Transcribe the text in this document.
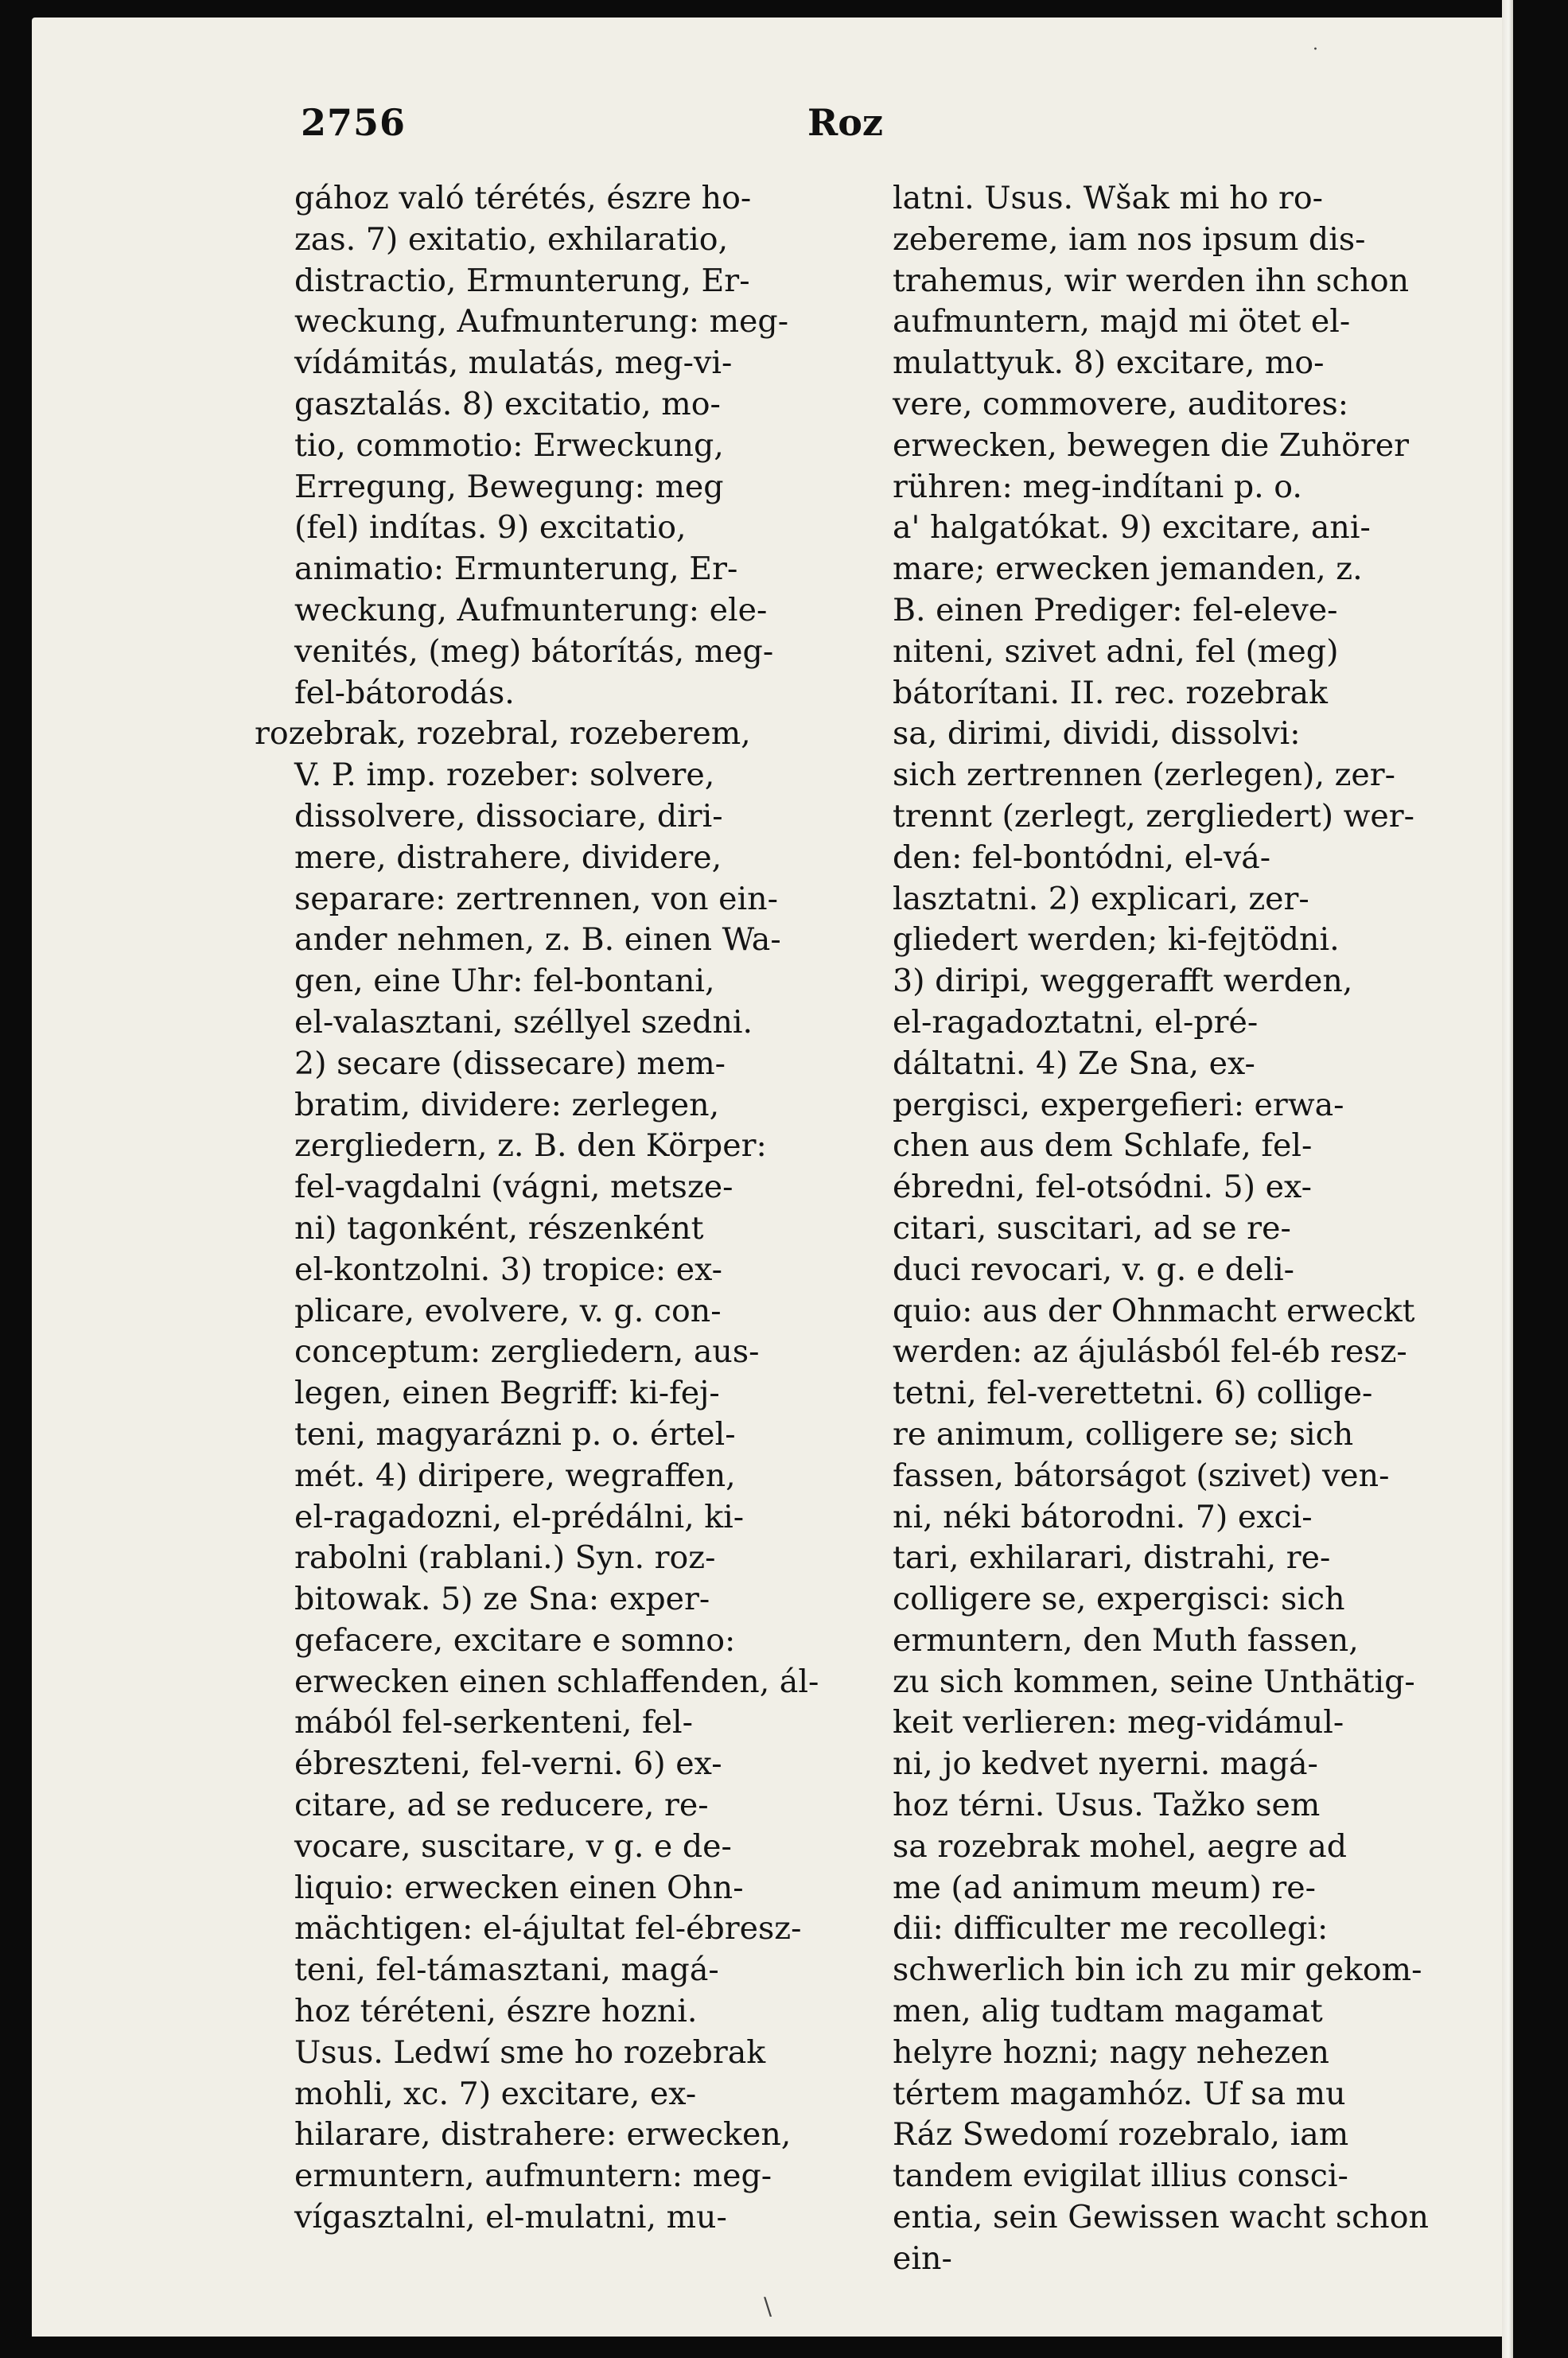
2756	Roz
gához való térétés, észre ho-
zas. 7) exitatio, exhilaratio,
distractio, Ermunterung, Er-
weckung, Aufmunterung: meg-
vídámitás, mulatás, meg-vi-
gasztalás. 8) excitatio, mo-
tio, commotio: Erweckung,
Erregung, Bewegung: meg
(fel) indítas. 9) excitatio,
animatio: Ermunterung, Er-
weckung, Aufmunterung: ele-
venités, (meg) bátorítás, meg-
fel-bátorodás.
rozebrak, rozebral, rozeberem,
V. P. imp. rozeber: solvere,
dissolvere, dissociare, diri-
mere, distrahere, dividere,
separare: zertrennen, von ein-
ander nehmen, z. B. einen Wa-
gen, eine Uhr: fel-bontani,
el-valasztani, széllyel szedni.
2) secare (dissecare) mem-
bratim, dividere: zerlegen,
zergliedern, z. B. den Körper:
fel-vagdalni (vágni, metsze-
ni) tagonként, részenként
el-kontzolni. 3) tropice: ex-
plicare, evolvere, v. g. con-
conceptum: zergliedern, aus-
legen, einen Begriff: ki-fej-
teni, magyarázni p. o. értel-
mét. 4) diripere, wegraffen,
el-ragadozni, el-prédálni, ki-
rabolni (rablani.) Syn. roz-
bitowak. 5) ze Sna: exper-
gefacere, excitare e somno:
erwecken einen schlaffenden, ál-
mából fel-serkenteni, fel-
ébreszteni, fel-verni. 6) ex-
citare, ad se reducere, re-
vocare, suscitare, v g. e de-
liquio: erwecken einen Ohn-
mächtigen: el-ájultat fel-ébresz-
teni, fel-támasztani, magá-
hoz téréteni, észre hozni.
Usus. Ledwí sme ho rozebrak
mohli, xc. 7) excitare, ex-
hilarare, distrahere: erwecken,
ermuntern, aufmuntern: meg-
vígasztalni, el-mulatni, mu-
latni. Usus. Wšak mi ho ro-
zebereme, iam nos ipsum dis-
trahemus, wir werden ihn schon
aufmuntern, majd mi ötet el-
mulattyuk. 8) excitare, mo-
vere, commovere, auditores:
erwecken, bewegen die Zuhörer
rühren: meg-indítani p. o.
a' halgatókat. 9) excitare, ani-
mare; erwecken jemanden, z.
B. einen Prediger: fel-eleve-
niteni, szivet adni, fel (meg)
bátorítani. II. rec. rozebrak
sa, dirimi, dividi, dissolvi:
sich zertrennen (zerlegen), zer-
trennt (zerlegt, zergliedert) wer-
den: fel-bontódni, el-vá-
lasztatni. 2) explicari, zer-
gliedert werden; ki-fejtödni.
3) diripi, weggerafft werden,
el-ragadoztatni, el-pré-
dáltatni. 4) Ze Sna, ex-
pergisci, expergefieri: erwa-
chen aus dem Schlafe, fel-
ébredni, fel-otsódni. 5) ex-
citari, suscitari, ad se re-
duci revocari, v. g. e deli-
quio: aus der Ohnmacht erweckt
werden: az ájulásból fel-éb resz-
tetni, fel-verettetni. 6) collige-
re animum, colligere se; sich
fassen, bátorságot (szivet) ven-
ni, néki bátorodni. 7) exci-
tari, exhilarari, distrahi, re-
colligere se, expergisci: sich
ermuntern, den Muth fassen,
zu sich kommen, seine Unthätig-
keit verlieren: meg-vidámul-
ni, jo kedvet nyerni. magá-
hoz térni. Usus. Tažko sem
sa rozebrak mohel, aegre ad
me (ad animum meum) re-
dii: difficulter me recollegi:
schwerlich bin ich zu mir gekom-
men, alig tudtam magamat
helyre hozni; nagy nehezen
tértem magamhóz. Uf sa mu
Ráz Swedomí rozebralo, iam
tandem evigilat illius consci-
entia, sein Gewissen wacht schon
ein-
·
\
